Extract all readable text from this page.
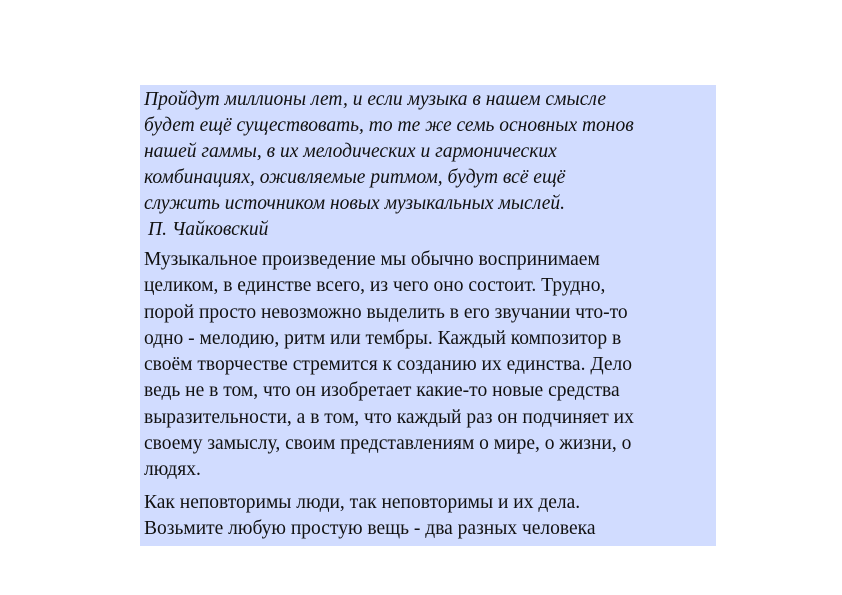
Пройдут миллионы лет, и если музыка в нашем смысле
будет ещё существовать, то те же семь основных тонов
нашей гаммы, в их мелодических и гармонических
комбинациях, оживляемые ритмом, будут всё ещё
служить источником новых музыкальных мыслей.

П. Чайковский

Музыкальное произведение мы обычно воспринимаем
целиком, в единстве всего, из чего оно состоит. Трудно,
порой просто невозможно выделить в его звучании что-то
одно - мелодию, ритм или тембры. Каждый композитор в
своём творчестве стремится к созданию их единства. Дело
ведь не в том, что он изобретает какие-то новые средства
выразительности, а в том, что каждый раз он подчиняет их
своему замыслу, своим представлениям о мире, о жизни, о
людях.

Как неповторимы люди, так неповторимы и их дела.
Возьмите любую простую вещь - два разных человека
